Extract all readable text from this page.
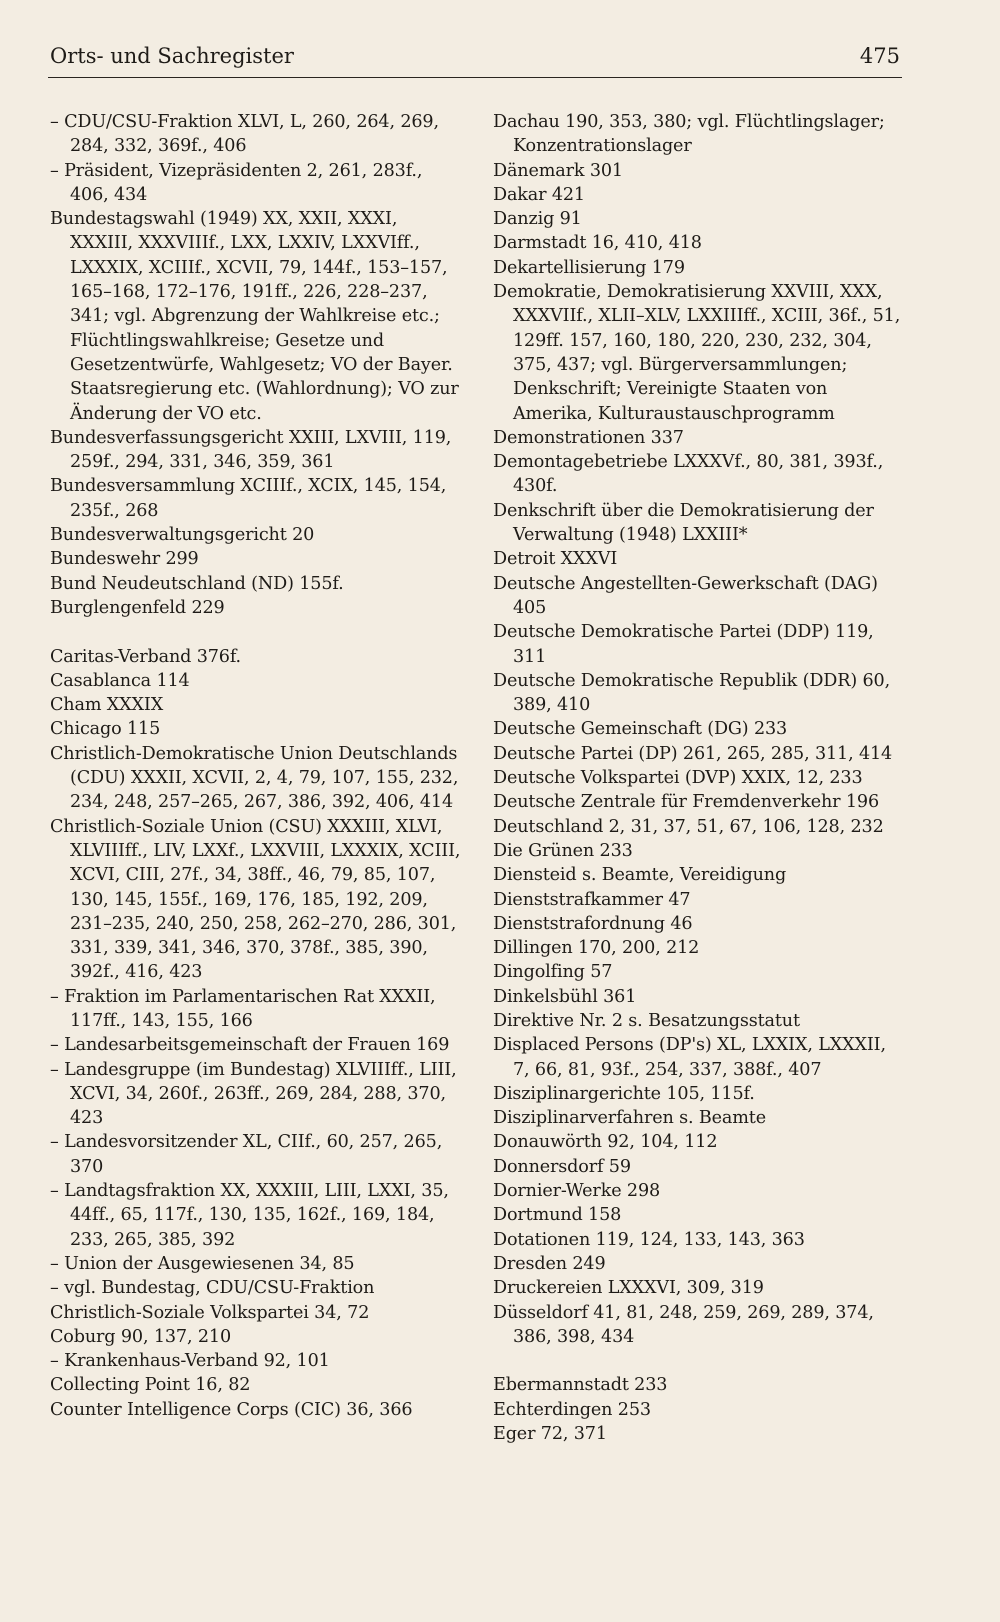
Orts- und Sachregister	475
– CDU/CSU-Fraktion XLVI, L, 260, 264, 269, 284, 332, 369f., 406
– Präsident, Vizepräsidenten 2, 261, 283f., 406, 434
Bundestagswahl (1949) XX, XXII, XXXI, XXXIII, XXXVIIIf., LXX, LXXIV, LXXVIff., LXXXIX, XCIIIf., XCVII, 79, 144f., 153–157, 165–168, 172–176, 191ff., 226, 228–237, 341; vgl. Abgrenzung der Wahlkreise etc.; Flüchtlingswahlkreise; Gesetze und Gesetzentwürfe, Wahlgesetz; VO der Bayer. Staatsregierung etc. (Wahlordnung); VO zur Änderung der VO etc.
Bundesverfassungsgericht XXIII, LXVIII, 119, 259f., 294, 331, 346, 359, 361
Bundesversammlung XCIIIf., XCIX, 145, 154, 235f., 268
Bundesverwaltungsgericht 20
Bundeswehr 299
Bund Neudeutschland (ND) 155f.
Burglengenfeld 229
Caritas-Verband 376f.
Casablanca 114
Cham XXXIX
Chicago 115
Christlich-Demokratische Union Deutschlands (CDU) XXXII, XCVII, 2, 4, 79, 107, 155, 232, 234, 248, 257–265, 267, 386, 392, 406, 414
Christlich-Soziale Union (CSU) XXXIII, XLVI, XLVIIIff., LIV, LXXf., LXXVIII, LXXXIX, XCIII, XCVI, CIII, 27f., 34, 38ff., 46, 79, 85, 107, 130, 145, 155f., 169, 176, 185, 192, 209, 231–235, 240, 250, 258, 262–270, 286, 301, 331, 339, 341, 346, 370, 378f., 385, 390, 392f., 416, 423
– Fraktion im Parlamentarischen Rat XXXII, 117ff., 143, 155, 166
– Landesarbeitsgemeinschaft der Frauen 169
– Landesgruppe (im Bundestag) XLVIIIff., LIII, XCVI, 34, 260f., 263ff., 269, 284, 288, 370, 423
– Landesvorsitzender XL, CIIf., 60, 257, 265, 370
– Landtagsfraktion XX, XXXIII, LIII, LXXI, 35, 44ff., 65, 117f., 130, 135, 162f., 169, 184, 233, 265, 385, 392
– Union der Ausgewiesenen 34, 85
– vgl. Bundestag, CDU/CSU-Fraktion
Christlich-Soziale Volkspartei 34, 72
Coburg 90, 137, 210
– Krankenhaus-Verband 92, 101
Collecting Point 16, 82
Counter Intelligence Corps (CIC) 36, 366
Dachau 190, 353, 380; vgl. Flüchtlingslager; Konzentrationslager
Dänemark 301
Dakar 421
Danzig 91
Darmstadt 16, 410, 418
Dekartellisierung 179
Demokratie, Demokratisierung XXVIII, XXX, XXXVIIf., XLII–XLV, LXXIIIff., XCIII, 36f., 51, 129ff. 157, 160, 180, 220, 230, 232, 304, 375, 437; vgl. Bürgerversammlungen; Denkschrift; Vereinigte Staaten von Amerika, Kulturaustauschprogramm
Demonstrationen 337
Demontagebetriebe LXXXVf., 80, 381, 393f., 430f.
Denkschrift über die Demokratisierung der Verwaltung (1948) LXXIII*
Detroit XXXVI
Deutsche Angestellten-Gewerkschaft (DAG) 405
Deutsche Demokratische Partei (DDP) 119, 311
Deutsche Demokratische Republik (DDR) 60, 389, 410
Deutsche Gemeinschaft (DG) 233
Deutsche Partei (DP) 261, 265, 285, 311, 414
Deutsche Volkspartei (DVP) XXIX, 12, 233
Deutsche Zentrale für Fremdenverkehr 196
Deutschland 2, 31, 37, 51, 67, 106, 128, 232
Die Grünen 233
Diensteid s. Beamte, Vereidigung
Dienststrafkammer 47
Dienststrafordnung 46
Dillingen 170, 200, 212
Dingolfing 57
Dinkelsbühl 361
Direktive Nr. 2 s. Besatzungsstatut
Displaced Persons (DP's) XL, LXXIX, LXXXII, 7, 66, 81, 93f., 254, 337, 388f., 407
Disziplinargerichte 105, 115f.
Disziplinarverfahren s. Beamte
Donauwörth 92, 104, 112
Donnersdorf 59
Dornier-Werke 298
Dortmund 158
Dotationen 119, 124, 133, 143, 363
Dresden 249
Druckereien LXXXVI, 309, 319
Düsseldorf 41, 81, 248, 259, 269, 289, 374, 386, 398, 434
Ebermannstadt 233
Echterdingen 253
Eger 72, 371
